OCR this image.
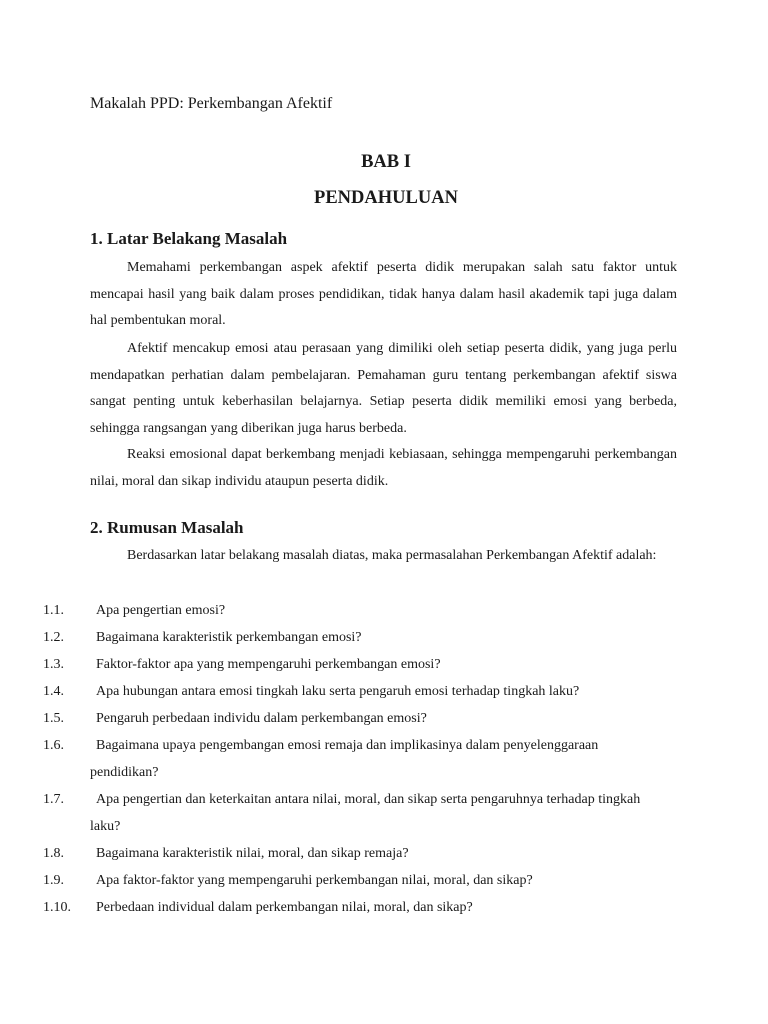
Makalah PPD: Perkembangan Afektif
BAB I
PENDAHULUAN
1. Latar Belakang Masalah

Memahami perkembangan aspek afektif peserta didik merupakan salah satu faktor untuk mencapai hasil yang baik dalam proses pendidikan, tidak hanya dalam hasil akademik tapi juga dalam hal pembentukan moral.

Afektif mencakup emosi atau perasaan yang dimiliki oleh setiap peserta didik, yang juga perlu mendapatkan perhatian dalam pembelajaran. Pemahaman guru tentang perkembangan afektif siswa sangat penting untuk keberhasilan belajarnya. Setiap peserta didik memiliki emosi yang berbeda, sehingga rangsangan yang diberikan juga harus berbeda.

Reaksi emosional dapat berkembang menjadi kebiasaan, sehingga mempengaruhi perkembangan nilai, moral dan sikap individu ataupun peserta didik.

2. Rumusan Masalah

Berdasarkan latar belakang masalah diatas, maka permasalahan Perkembangan Afektif adalah:

1.1.	Apa pengertian emosi?
1.2.	Bagaimana karakteristik perkembangan emosi?
1.3.	Faktor-faktor apa yang mempengaruhi perkembangan emosi?
1.4.	Apa hubungan antara emosi tingkah laku serta pengaruh emosi terhadap tingkah laku?
1.5.	Pengaruh perbedaan individu dalam perkembangan emosi?
1.6.	Bagaimana upaya pengembangan emosi remaja dan implikasinya dalam penyelenggaraan pendidikan?
1.7.	Apa pengertian dan keterkaitan antara nilai, moral, dan sikap serta pengaruhnya terhadap tingkah laku?
1.8.	Bagaimana karakteristik nilai, moral, dan sikap remaja?
1.9.	Apa faktor-faktor yang mempengaruhi perkembangan nilai, moral, dan sikap?
1.10.	Perbedaan individual dalam perkembangan nilai, moral, dan sikap?
